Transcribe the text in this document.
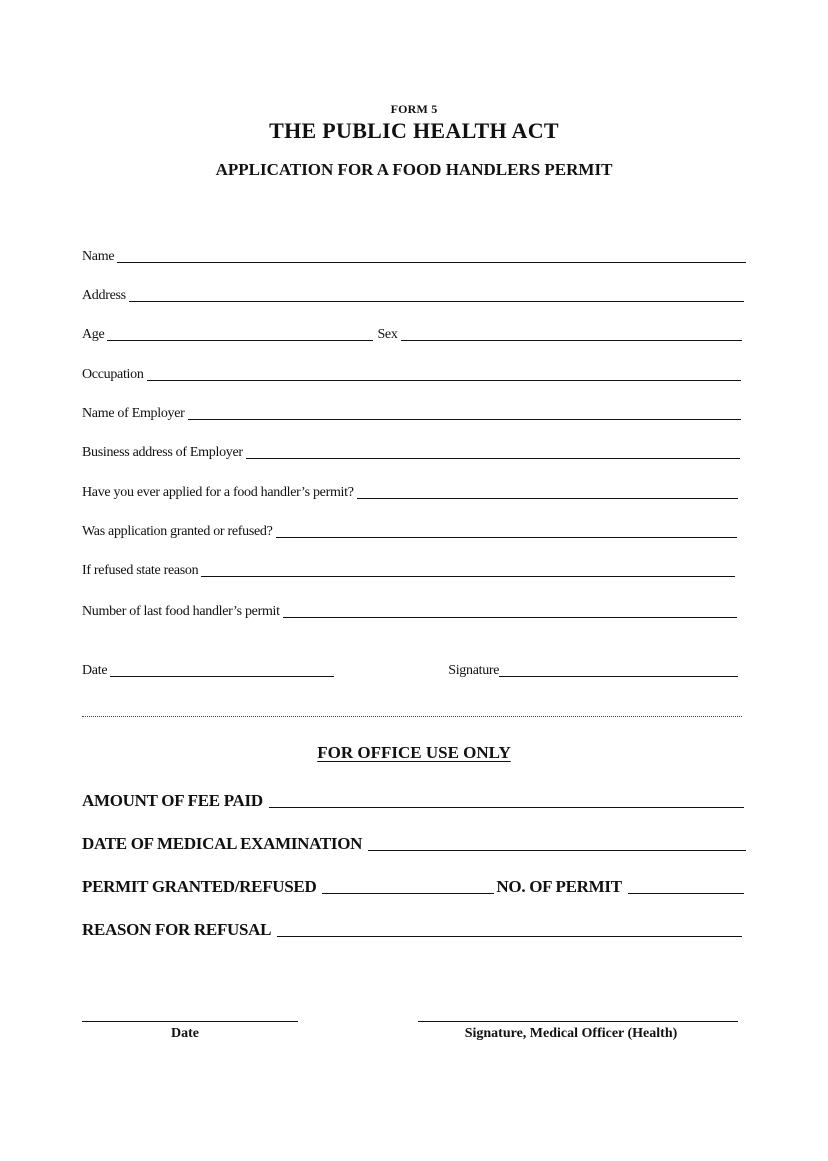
FORM 5
THE PUBLIC HEALTH ACT
APPLICATION FOR A FOOD HANDLERS PERMIT
Name
Address
Age	Sex
Occupation
Name of Employer
Business address of Employer
Have you ever applied for a food handler’s permit?
Was application granted or refused?
If refused state reason
Number of last food handler’s permit
Date	Signature
FOR OFFICE USE ONLY
AMOUNT OF FEE PAID
DATE OF MEDICAL EXAMINATION
PERMIT GRANTED/REFUSED	NO. OF PERMIT
REASON FOR REFUSAL
Date	Signature, Medical Officer (Health)
